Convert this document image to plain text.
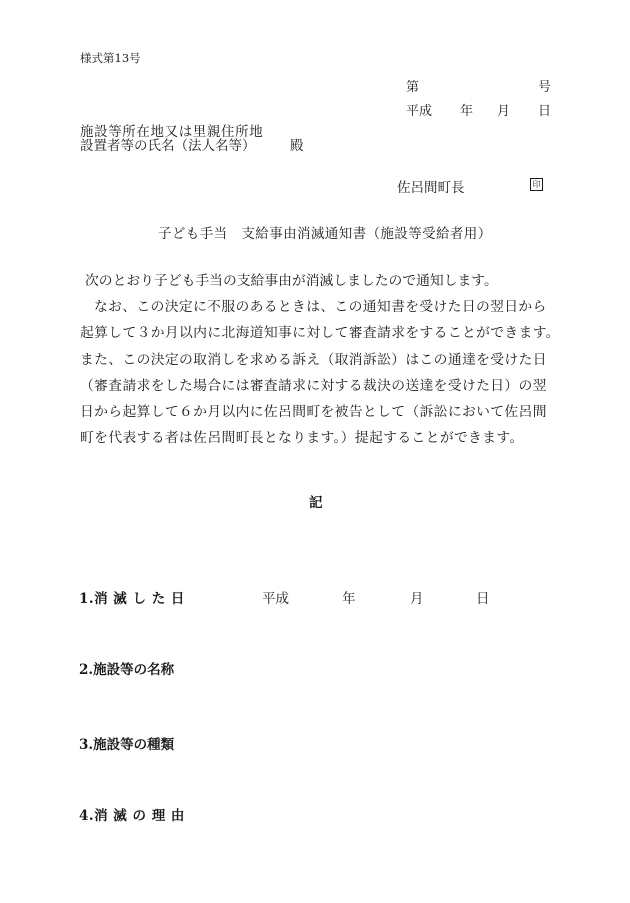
様式第13号
第	号
平成 年 月 日
施設等所在地又は里親住所地
設置者等の氏名（法人名等）	殿
佐呂間町長	印
子ども手当　支給事由消滅通知書（施設等受給者用）
次のとおり子ども手当の支給事由が消滅しましたので通知します。
なお、この決定に不服のあるときは、この通知書を受けた日の翌日から起算して３か月以内に北海道知事に対して審査請求をすることができます。また、この決定の取消しを求める訴え（取消訴訟）はこの通達を受けた日（審査請求をした場合には審査請求に対する裁決の送達を受けた日）の翌日から起算して６か月以内に佐呂間町を被告として（訴訟において佐呂間町を代表する者は佐呂間町長となります。）提起することができます。
記
1.消 滅 し た 日	平成	年	月	日
2.施設等の名称
3.施設等の種類
4.消 滅 の 理 由
